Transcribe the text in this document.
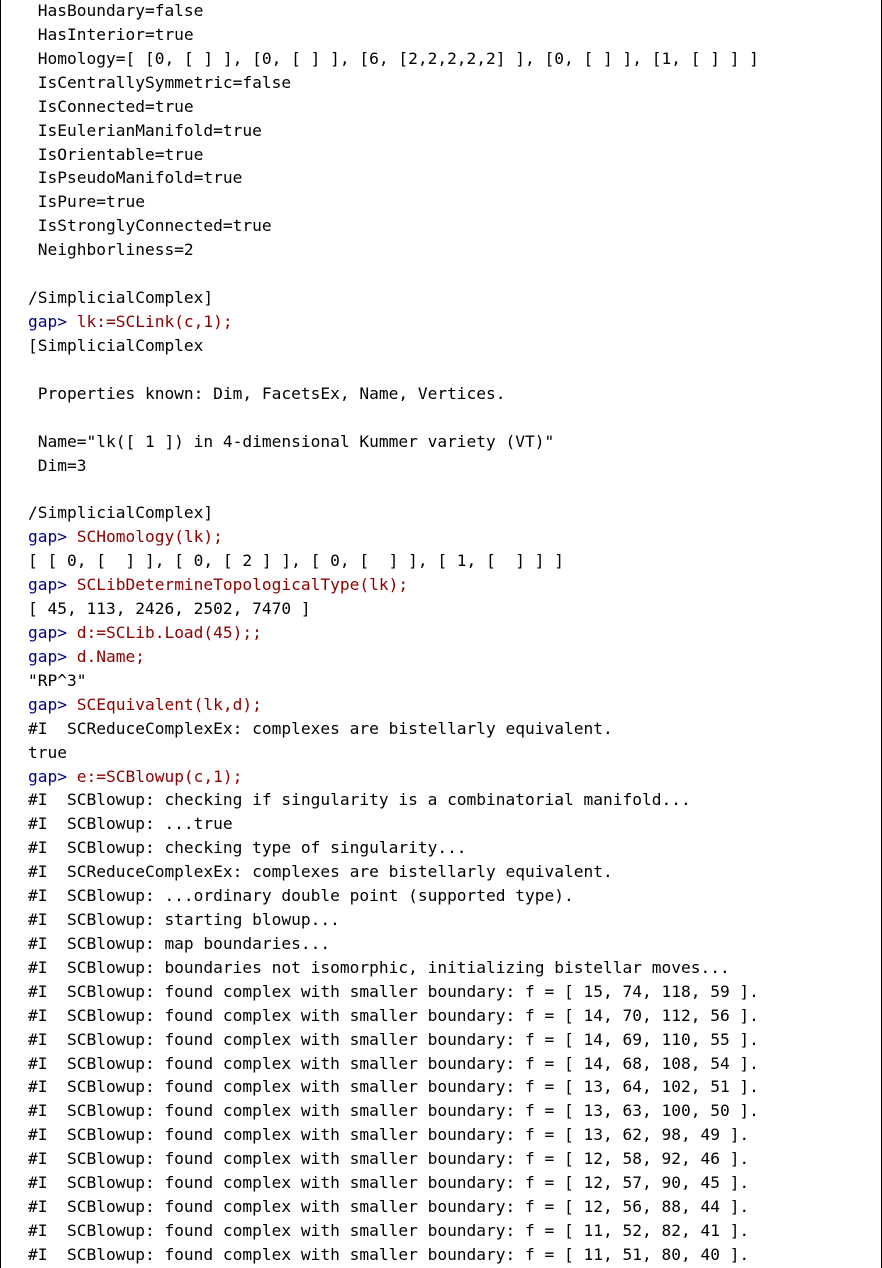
HasBoundary=false
HasInterior=true
Homology=[ [0, [ ] ], [0, [ ] ], [6, [2,2,2,2,2] ], [0, [ ] ], [1, [ ] ] ]
IsCentrallySymmetric=false
IsConnected=true
IsEulerianManifold=true
IsOrientable=true
IsPseudoManifold=true
IsPure=true
IsStronglyConnected=true
Neighborliness=2
/SimplicialComplex]
gap> lk:=SCLink(c,1);
[SimplicialComplex
Properties known: Dim, FacetsEx, Name, Vertices.
Name="lk([ 1 ]) in 4-dimensional Kummer variety (VT)"
Dim=3
/SimplicialComplex]
gap> SCHomology(lk);
[ [ 0, [  ] ], [ 0, [ 2 ] ], [ 0, [  ] ], [ 1, [  ] ] ]
gap> SCLibDetermineTopologicalType(lk);
[ 45, 113, 2426, 2502, 7470 ]
gap> d:=SCLib.Load(45);;
gap> d.Name;
"RP^3"
gap> SCEquivalent(lk,d);
#I  SCReduceComplexEx: complexes are bistellarly equivalent.
true
gap> e:=SCBlowup(c,1);
#I  SCBlowup: checking if singularity is a combinatorial manifold...
#I  SCBlowup: ...true
#I  SCBlowup: checking type of singularity...
#I  SCReduceComplexEx: complexes are bistellarly equivalent.
#I  SCBlowup: ...ordinary double point (supported type).
#I  SCBlowup: starting blowup...
#I  SCBlowup: map boundaries...
#I  SCBlowup: boundaries not isomorphic, initializing bistellar moves...
#I  SCBlowup: found complex with smaller boundary: f = [ 15, 74, 118, 59 ].
#I  SCBlowup: found complex with smaller boundary: f = [ 14, 70, 112, 56 ].
#I  SCBlowup: found complex with smaller boundary: f = [ 14, 69, 110, 55 ].
#I  SCBlowup: found complex with smaller boundary: f = [ 14, 68, 108, 54 ].
#I  SCBlowup: found complex with smaller boundary: f = [ 13, 64, 102, 51 ].
#I  SCBlowup: found complex with smaller boundary: f = [ 13, 63, 100, 50 ].
#I  SCBlowup: found complex with smaller boundary: f = [ 13, 62, 98, 49 ].
#I  SCBlowup: found complex with smaller boundary: f = [ 12, 58, 92, 46 ].
#I  SCBlowup: found complex with smaller boundary: f = [ 12, 57, 90, 45 ].
#I  SCBlowup: found complex with smaller boundary: f = [ 12, 56, 88, 44 ].
#I  SCBlowup: found complex with smaller boundary: f = [ 11, 52, 82, 41 ].
#I  SCBlowup: found complex with smaller boundary: f = [ 11, 51, 80, 40 ].
